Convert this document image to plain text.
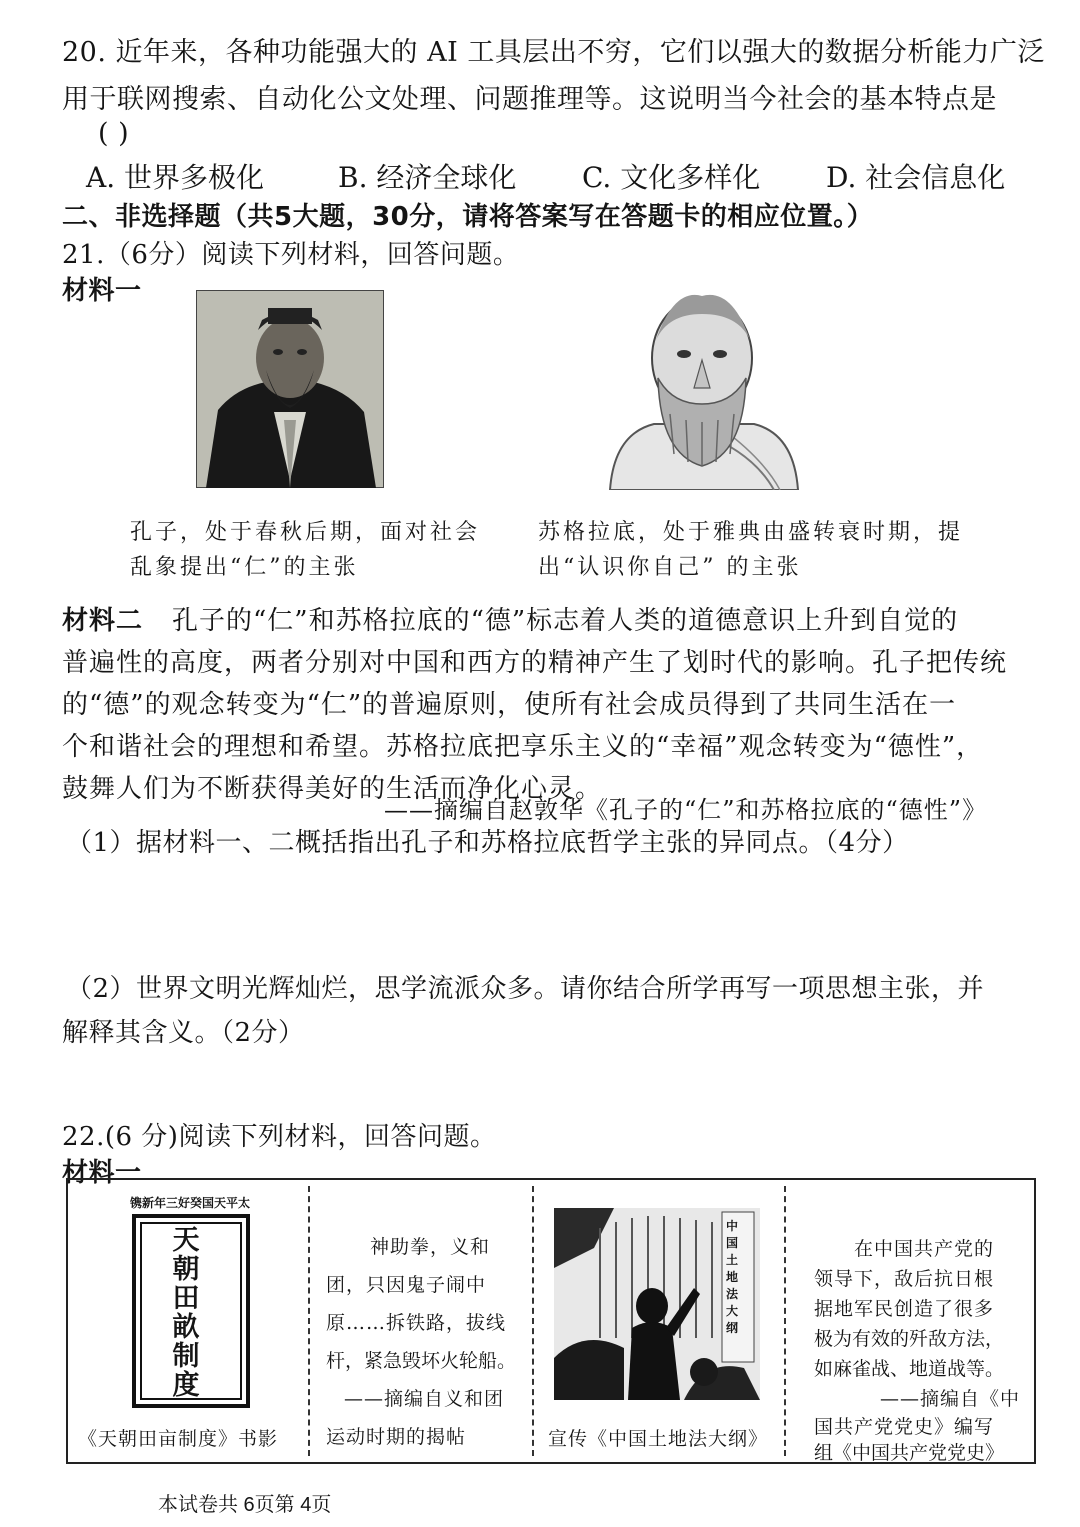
20. 近年来，各种功能强大的 AI 工具层出不穷，它们以强大的数据分析能力广泛
用于联网搜索、自动化公文处理、问题推理等。这说明当今社会的基本特点是
( )
A. 世界多极化	B. 经济全球化 C. 文化多样化 D. 社会信息化
二、非选择题（共5大题，30分，请将答案写在答题卡的相应位置。）
21.（6分）阅读下列材料，回答问题。
材料一
孔子，处于春秋后期，面对社会
乱象提出“仁”的主张
苏格拉底，处于雅典由盛转衰时期，提
出“认识你自己” 的主张
材料二 孔子的“仁”和苏格拉底的“德”标志着人类的道德意识上升到自觉的
普遍性的高度，两者分别对中国和西方的精神产生了划时代的影响。孔子把传统
的“德”的观念转变为“仁”的普遍原则，使所有社会成员得到了共同生活在一
个和谐社会的理想和希望。苏格拉底把享乐主义的“幸福”观念转变为“德性”，
鼓舞人们为不断获得美好的生活而净化心灵。
——摘编自赵敦华《孔子的“仁”和苏格拉底的“德性”》
（1）据材料一、二概括指出孔子和苏格拉底哲学主张的异同点。（4分）
（2）世界文明光辉灿烂，思学流派众多。请你结合所学再写一项思想主张，并
解释其含义。（2分）
22.(6 分)阅读下列材料，回答问题。
材料一
镌新年三好癸国天平太
天
朝
田
畝
制
度
《天朝田亩制度》书影
神助拳，义和
团，只因鬼子闹中
原……拆铁路，拔线
杆，紧急毁坏火轮船。
——摘编自义和团
运动时期的揭帖
中国土地法大纲
宣传《中国土地法大纲》
在中国共产党的
领导下，敌后抗日根
据地军民创造了很多
极为有效的歼敌方法，
如麻雀战、地道战等。
——摘编自《中
国共产党党史》编写
组《中国共产党党史》
本试卷共 6页第 4页
